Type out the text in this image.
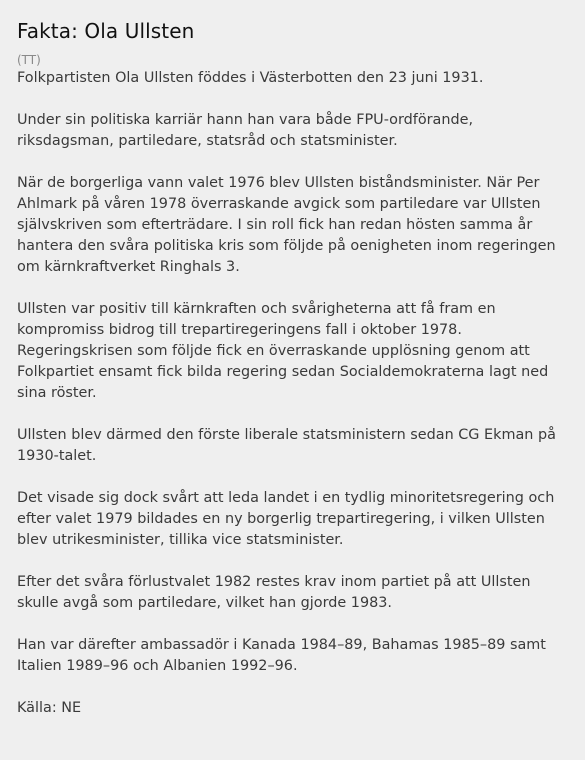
Fakta: Ola Ullsten
(TT)

Folkpartisten Ola Ullsten föddes i Västerbotten den 23 juni 1931.

Under sin politiska karriär hann han vara både FPU-ordförande, riksdagsman, partiledare, statsråd och statsminister.

När de borgerliga vann valet 1976 blev Ullsten biståndsminister. När Per Ahlmark på våren 1978 överraskande avgick som partiledare var Ullsten självskriven som efterträdare. I sin roll fick han redan hösten samma år hantera den svåra politiska kris som följde på oenigheten inom regeringen om kärnkraftverket Ringhals 3.

Ullsten var positiv till kärnkraften och svårigheterna att få fram en kompromiss bidrog till trepartiregeringens fall i oktober 1978. Regeringskrisen som följde fick en överraskande upplösning genom att Folkpartiet ensamt fick bilda regering sedan Socialdemokraterna lagt ned sina röster.

Ullsten blev därmed den förste liberale statsministern sedan CG Ekman på 1930-talet.

Det visade sig dock svårt att leda landet i en tydlig minoritetsregering och efter valet 1979 bildades en ny borgerlig trepartiregering, i vilken Ullsten blev utrikesminister, tillika vice statsminister.

Efter det svåra förlustvalet 1982 restes krav inom partiet på att Ullsten skulle avgå som partiledare, vilket han gjorde 1983.

Han var därefter ambassadör i Kanada 1984–89, Bahamas 1985–89 samt Italien 1989–96 och Albanien 1992–96.

Källa: NE
